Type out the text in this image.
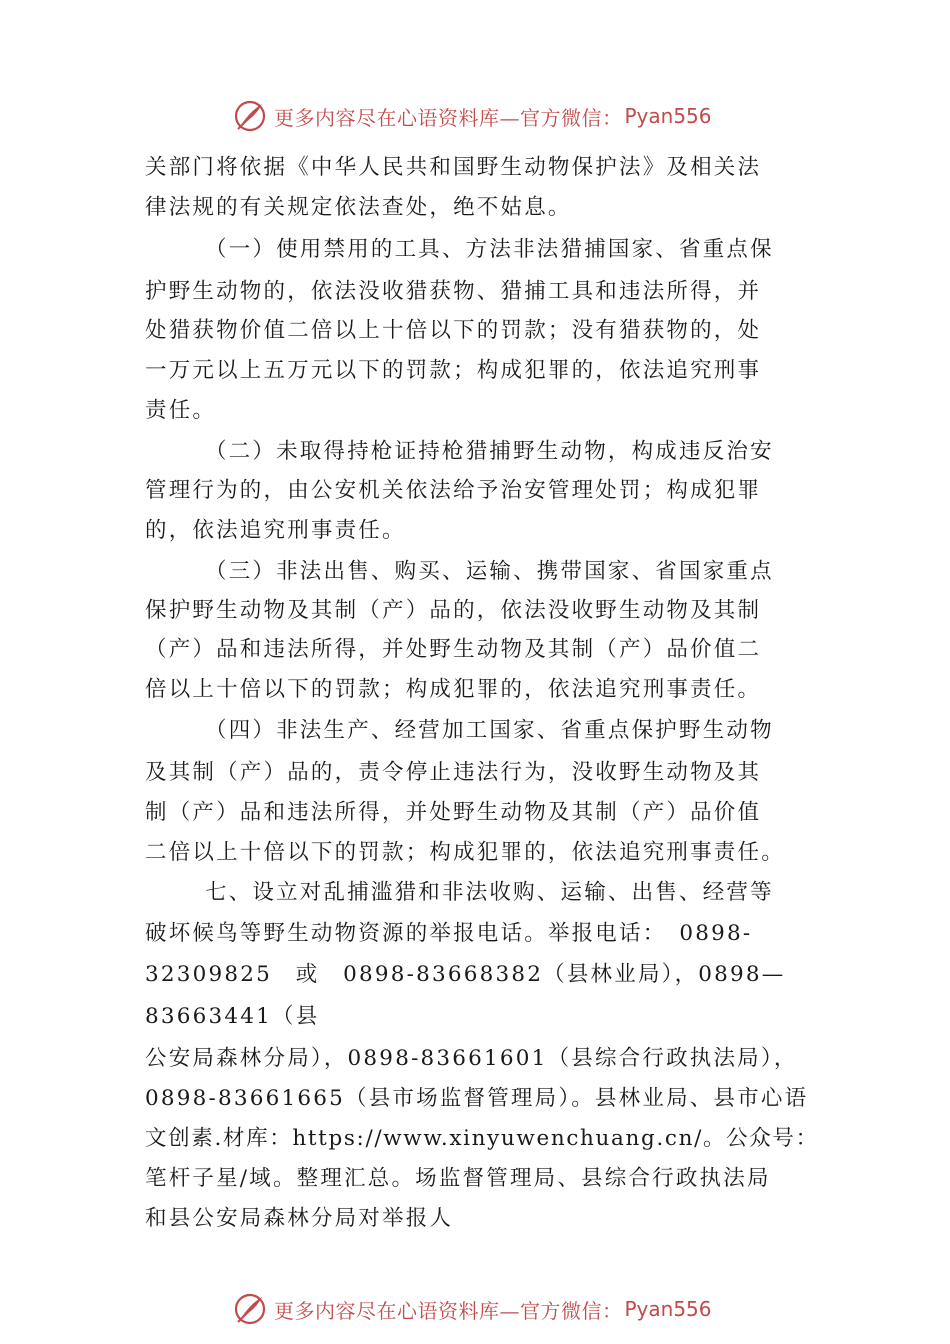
更多内容尽在心语资料库—官方微信： Pyan556
关部门将依据《中华人民共和国野生动物保护法》及相关法
律法规的有关规定依法查处，绝不姑息。
（一）使用禁用的工具、方法非法猎捕国家、省重点保
护野生动物的，依法没收猎获物、猎捕工具和违法所得，并
处猎获物价值二倍以上十倍以下的罚款；没有猎获物的，处
一万元以上五万元以下的罚款；构成犯罪的，依法追究刑事
责任。
（二）未取得持枪证持枪猎捕野生动物，构成违反治安
管理行为的，由公安机关依法给予治安管理处罚；构成犯罪
的，依法追究刑事责任。
（三）非法出售、购买、运输、携带国家、省国家重点
保护野生动物及其制（产）品的，依法没收野生动物及其制
（产）品和违法所得，并处野生动物及其制（产）品价值二
倍以上十倍以下的罚款；构成犯罪的，依法追究刑事责任。
（四）非法生产、经营加工国家、省重点保护野生动物
及其制（产）品的，责令停止违法行为，没收野生动物及其
制（产）品和违法所得，并处野生动物及其制（产）品价值
二倍以上十倍以下的罚款；构成犯罪的，依法追究刑事责任。
七、设立对乱捕滥猎和非法收购、运输、出售、经营等
破坏候鸟等野生动物资源的举报电话。举报电话：　0898-
32309825　或　0898-83668382（县林业局），0898—
83663441（县
公安局森林分局），0898-83661601（县综合行政执法局），
0898-83661665（县市场监督管理局）。县林业局、县市心语
文创素.材库：https://www.xinyuwenchuang.cn/。公众号：
笔杆子星/域。整理汇总。场监督管理局、县综合行政执法局
和县公安局森林分局对举报人
更多内容尽在心语资料库—官方微信： Pyan556
